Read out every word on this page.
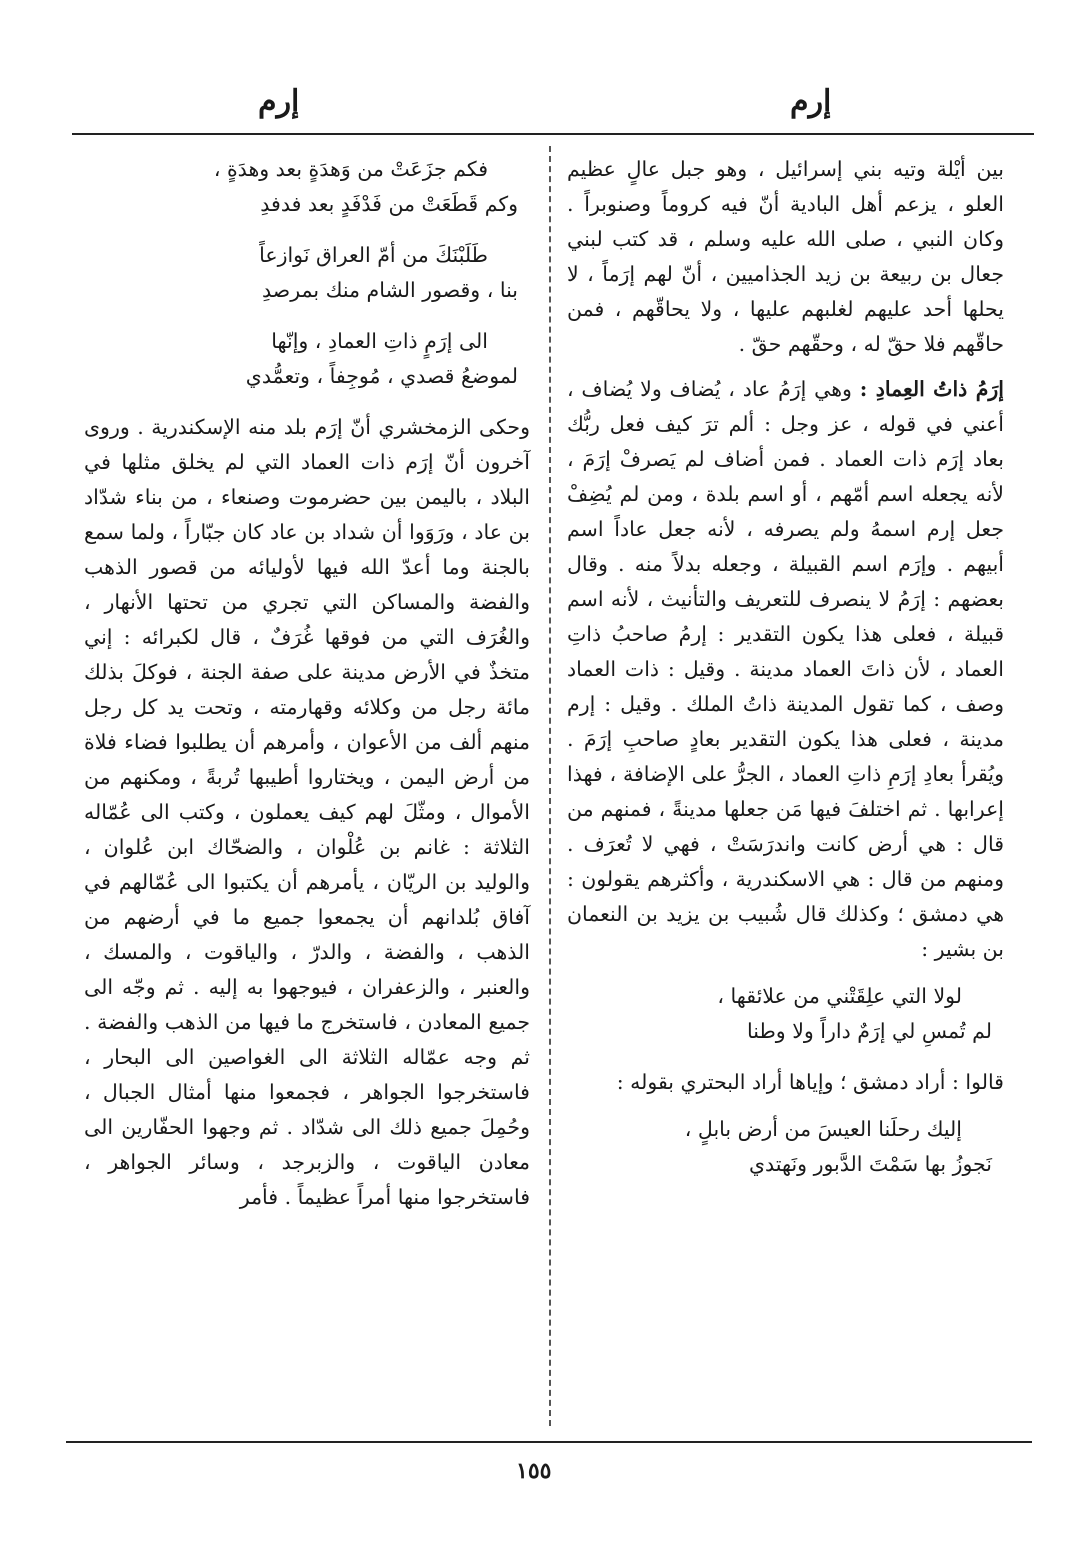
إرم
إرم

بين أيْلة وتيه بني إسرائيل ، وهو جبل عالٍ عظيم العلو ، يزعم أهل البادية أنّ فيه كروماً وصنوبراً . وكان النبي ، صلى الله عليه وسلم ، قد كتب لبني جعال بن ربيعة بن زيد الجذاميين ، أنّ لهم إرَماً ، لا يحلها أحد عليهم لغلبهم عليها ، ولا يحاقّهم ، فمن حاقّهم فلا حقّ له ، وحقّهم حقّ .

إرَمُ ذاتُ العِمادِ : وهي إرَمُ عاد ، يُضاف ولا يُضاف ، أعني في قوله ، عز وجل : ألم ترَ كيف فعل ربُّك بعاد إرَم ذات العماد . فمن أضاف لم يَصرفْ إرَمَ ، لأنه يجعله اسم أمّهم ، أو اسم بلدة ، ومن لم يُضِفْ جعل إرم اسمهُ ولم يصرفه ، لأنه جعل عاداً اسم أبيهم . وإرَم اسم القبيلة ، وجعله بدلاً منه . وقال بعضهم : إرَمُ لا ينصرف للتعريف والتأنيث ، لأنه اسم قبيلة ، فعلى هذا يكون التقدير : إرمُ صاحبُ ذاتِ العماد ، لأن ذاتَ العماد مدينة . وقيل : ذات العماد وصف ، كما تقول المدينة ذاتُ الملك . وقيل : إرم مدينة ، فعلى هذا يكون التقدير بعادٍ صاحبِ إرَمَ . ويُقرأ بعادِ إرَمِ ذاتِ العماد ، الجرُّ على الإضافة ، فهذا إعرابها . ثم اختلفَ فيها مَن جعلها مدينةً ، فمنهم من قال : هي أرض كانت واندرَسَتْ ، فهي لا تُعرَف . ومنهم من قال : هي الاسكندرية ، وأكثرهم يقولون : هي دمشق ؛ وكذلك قال شُبيب بن يزيد بن النعمان بن بشير :

لولا التي علِقَتْني من علائقها ،
لم تُمسِ لي إرَمٌ داراً ولا وطنا

قالوا : أراد دمشق ؛ وإياها أراد البحتري بقوله :

إليك رحلَنا العيسَ من أرض بابلٍ ،
نَجوزُ بها سَمْتَ الدَّبور ونَهتدي
فكم جزَعَتْ من وَهدَةٍ بعد وهدَةٍ ،
وكم قَطَعَتْ من فَدْفَدٍ بعد فدفدِ
طَلَبْنَكَ من أمّ العراق نَوازعاً
بنا ، وقصور الشام منك بمرصدِ
الى إرَمٍ ذاتِ العمادِ ، وإنّها
لموضعُ قصدي ، مُوجِفاً ، وتعمُّدي

وحكى الزمخشري أنّ إرَم بلد منه الإسكندرية . وروى آخرون أنّ إرَم ذات العماد التي لم يخلق مثلها في البلاد ، باليمن بين حضرموت وصنعاء ، من بناء شدّاد بن عاد ، ورَوَوا أن شداد بن عاد كان جبّاراً ، ولما سمع بالجنة وما أعدّ الله فيها لأوليائه من قصور الذهب والفضة والمساكن التي تجري من تحتها الأنهار ، والغُرَف التي من فوقها غُرَفٌ ، قال لكبرائه : إني متخذٌ في الأرض مدينة على صفة الجنة ، فوكلَ بذلك مائة رجل من وكلائه وقهارمته ، وتحت يد كل رجل منهم ألف من الأعوان ، وأمرهم أن يطلبوا فضاء فلاة من أرض اليمن ، ويختاروا أطيبها تُربةً ، ومكنهم من الأموال ، ومثّلَ لهم كيف يعملون ، وكتب الى عُمّاله الثلاثة : غانم بن عُلْوان ، والضحّاك ابن عُلوان ، والوليد بن الريّان ، يأمرهم أن يكتبوا الى عُمّالهم في آفاق بُلدانهم أن يجمعوا جميع ما في أرضهم من الذهب ، والفضة ، والدرّ ، والياقوت ، والمسك ، والعنبر ، والزعفران ، فيوجهوا به إليه . ثم وجّه الى جميع المعادن ، فاستخرج ما فيها من الذهب والفضة . ثم وجه عمّاله الثلاثة الى الغواصين الى البحار ، فاستخرجوا الجواهر ، فجمعوا منها أمثال الجبال ، وحُمِلَ جميع ذلك الى شدّاد . ثم وجهوا الحفّارين الى معادن الياقوت ، والزبرجد ، وسائر الجواهر ، فاستخرجوا منها أمراً عظيماً . فأمر

١٥٥
